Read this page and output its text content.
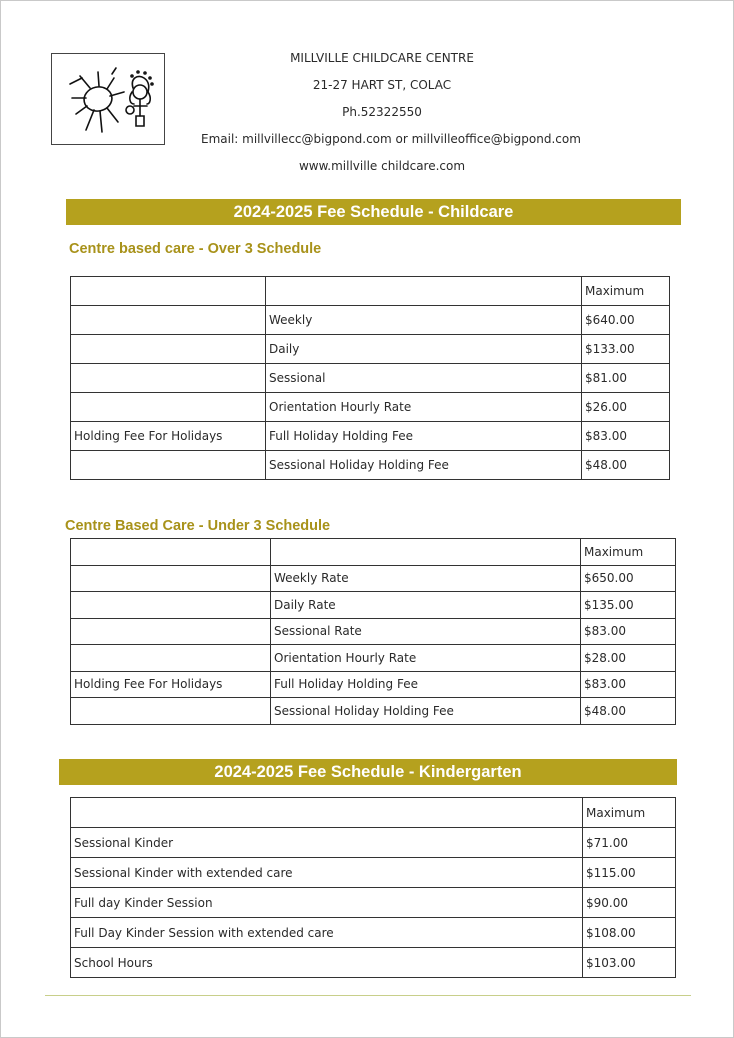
MILLVILLE CHILDCARE CENTRE
21-27 HART ST, COLAC
Ph.52322550
Email: millvillecc@bigpond.com or millvilleoffice@bigpond.com
www.millville childcare.com
2024-2025 Fee Schedule - Childcare
Centre based care - Over 3 Schedule
		Maximum
	Weekly	$640.00
	Daily	$133.00
	Sessional	$81.00
	Orientation Hourly Rate	$26.00
Holding Fee For Holidays	Full Holiday Holding Fee	$83.00
	Sessional Holiday Holding Fee	$48.00
Centre Based Care - Under 3 Schedule
		Maximum
	Weekly Rate	$650.00
	Daily Rate	$135.00
	Sessional Rate	$83.00
	Orientation Hourly Rate	$28.00
Holding Fee For Holidays	Full Holiday Holding Fee	$83.00
	Sessional Holiday Holding Fee	$48.00
2024-2025 Fee Schedule - Kindergarten
	Maximum
Sessional Kinder	$71.00
Sessional Kinder with extended care	$115.00
Full day Kinder Session	$90.00
Full Day Kinder Session with extended care	$108.00
School Hours	$103.00
